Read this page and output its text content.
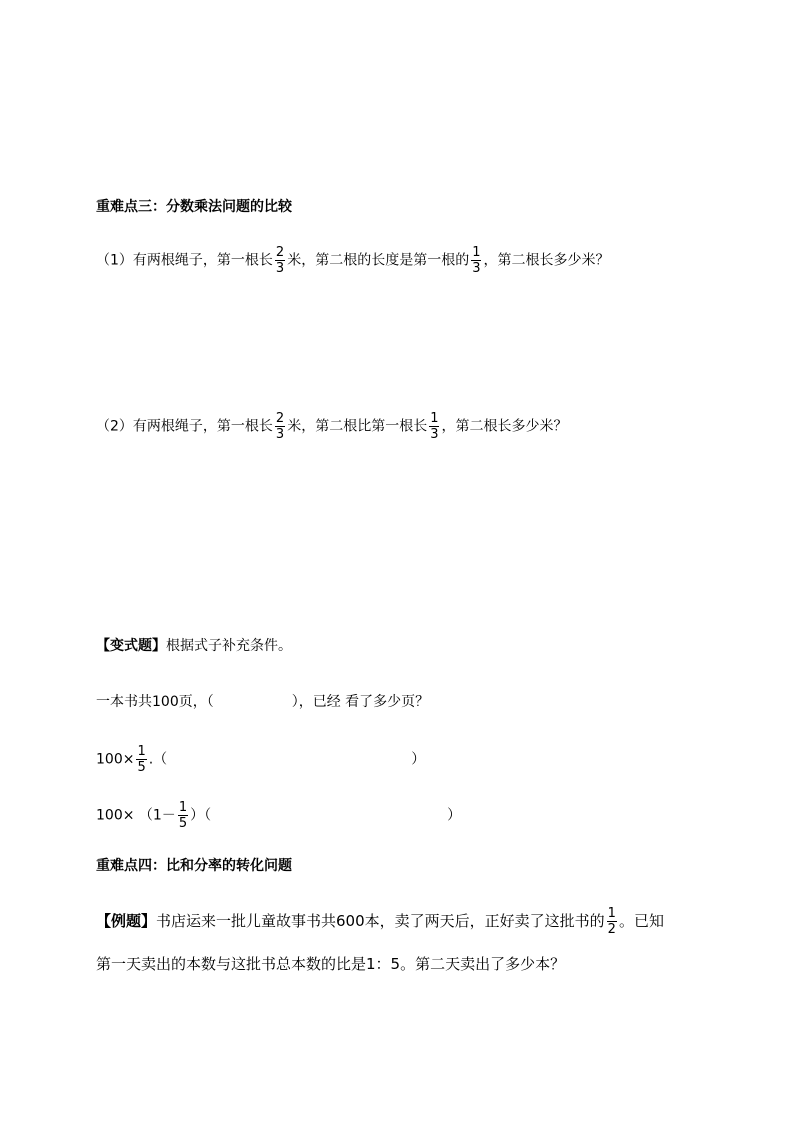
重难点三：分数乘法问题的比较
（1）有两根绳子，第一根长 $\frac{2}{3}$ 米，第二根的长度是第一根的 $\frac{1}{3}$ ，第二根长多少米？
（2）有两根绳子，第一根长 $\frac{2}{3}$ 米，第二根比第一根长 $\frac{1}{3}$ ，第二根长多少米？
【变式题】根据式子补充条件。
一本书共100页，（	），已经 看了多少页？
$100\times \frac{1}{5}$ .（	）
$100\times (1- \frac{1}{5}$ ）（	）
重难点四：比和分率的转化问题
【例题】书店运来一批儿童故事书共600本，卖了两天后，正好卖了这批书的 $\frac{1}{2}$ 。已知
第一天卖出的本数与这批书总本数的比是1：5。第二天卖出了多少本？
